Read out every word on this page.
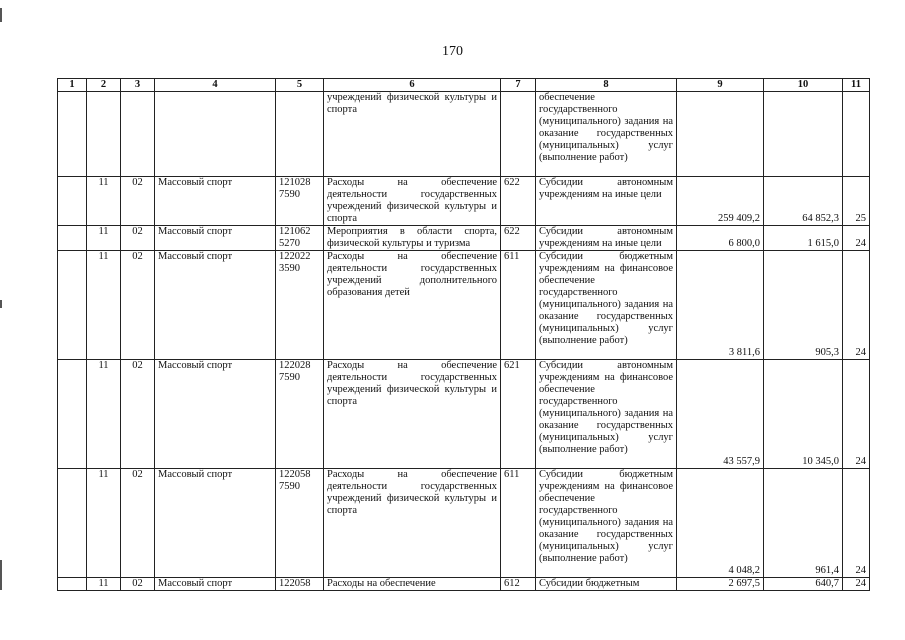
170
1	2	3	4	5	6	7	8	9	10	11
					учреждений физической культуры и спорта		обеспечение государственного (муниципального) задания на оказание государственных (муниципальных) услуг (выполнение работ)			
	11	02	Массовый спорт	121028 7590	Расходы на обеспечение деятельности государственных учреждений физической культуры и спорта	622	Субсидии автономным учреждениям на иные цели	259 409,2	64 852,3	25
	11	02	Массовый спорт	121062 5270	Мероприятия в области спорта, физической культуры и туризма	622	Субсидии автономным учреждениям на иные цели	6 800,0	1 615,0	24
	11	02	Массовый спорт	122022 3590	Расходы на обеспечение деятельности государственных учреждений дополнительного образования детей	611	Субсидии бюджетным учреждениям на финансовое обеспечение государственного (муниципального) задания на оказание государственных (муниципальных) услуг (выполнение работ)	3 811,6	905,3	24
	11	02	Массовый спорт	122028 7590	Расходы на обеспечение деятельности государственных учреждений физической культуры и спорта	621	Субсидии автономным учреждениям на финансовое обеспечение государственного (муниципального) задания на оказание государственных (муниципальных) услуг (выполнение работ)	43 557,9	10 345,0	24
	11	02	Массовый спорт	122058 7590	Расходы на обеспечение деятельности государственных учреждений физической культуры и спорта	611	Субсидии бюджетным учреждениям на финансовое обеспечение государственного (муниципального) задания на оказание государственных (муниципальных) услуг (выполнение работ)	4 048,2	961,4	24
	11	02	Массовый спорт	122058	Расходы на обеспечение	612	Субсидии бюджетным	2 697,5	640,7	24
